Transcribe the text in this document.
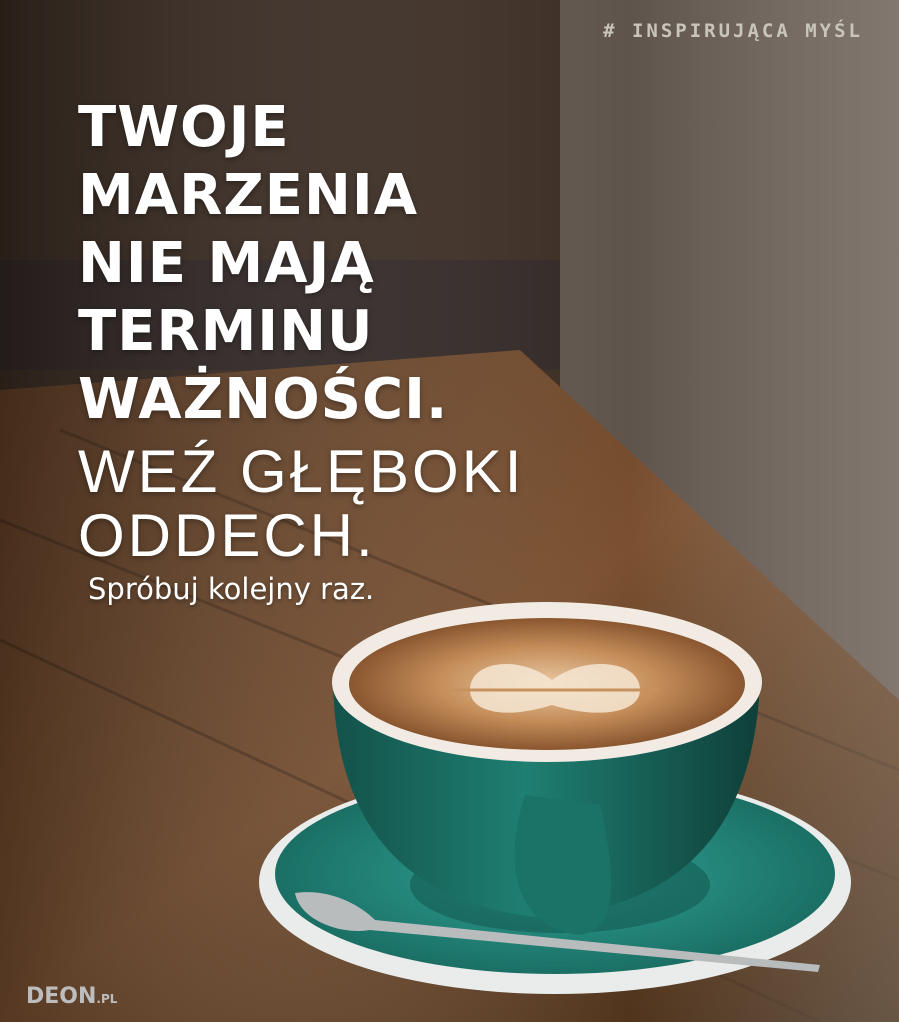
# INSPIRUJĄCA MYŚL
TWOJE
MARZENIA
NIE MAJĄ
TERMINU
WAŻNOŚCI.
WEŹ GŁĘBOKI
ODDECH.
Spróbuj kolejny raz.
DEON.PL
